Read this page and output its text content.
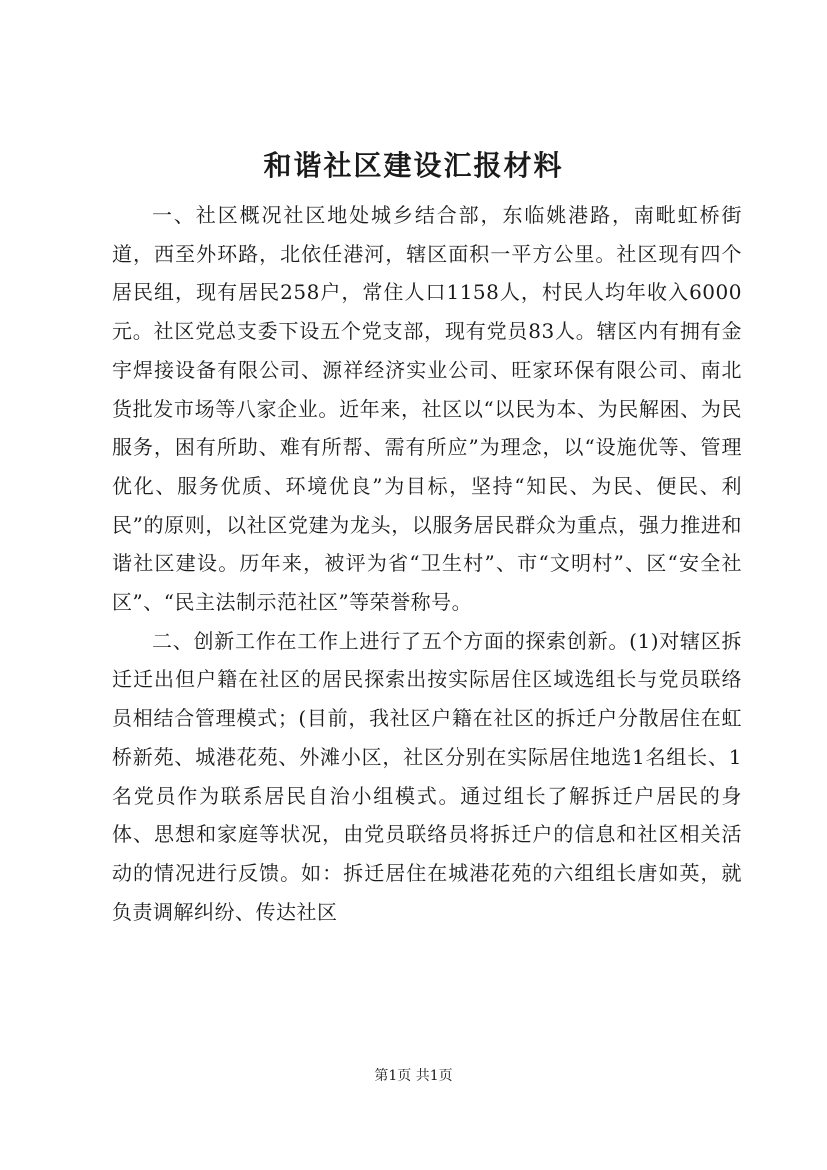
和谐社区建设汇报材料

一、社区概况社区地处城乡结合部，东临姚港路，南毗虹桥街道，西至外环路，北依任港河，辖区面积一平方公里。社区现有四个居民组，现有居民258户，常住人口1158人，村民人均年收入6000元。社区党总支委下设五个党支部，现有党员83人。辖区内有拥有金宇焊接设备有限公司、源祥经济实业公司、旺家环保有限公司、南北货批发市场等八家企业。近年来，社区以“以民为本、为民解困、为民服务，困有所助、难有所帮、需有所应”为理念，以“设施优等、管理优化、服务优质、环境优良”为目标，坚持“知民、为民、便民、利民”的原则，以社区党建为龙头，以服务居民群众为重点，强力推进和谐社区建设。历年来，被评为省“卫生村”、市“文明村”、区“安全社区”、“民主法制示范社区”等荣誉称号。

二、创新工作在工作上进行了五个方面的探索创新。(1)对辖区拆迁迁出但户籍在社区的居民探索出按实际居住区域选组长与党员联络员相结合管理模式；(目前，我社区户籍在社区的拆迁户分散居住在虹桥新苑、城港花苑、外滩小区，社区分别在实际居住地选1名组长、1名党员作为联系居民自治小组模式。通过组长了解拆迁户居民的身体、思想和家庭等状况，由党员联络员将拆迁户的信息和社区相关活动的情况进行反馈。如：拆迁居住在城港花苑的六组组长唐如英，就负责调解纠纷、传达社区

第1页 共1页
